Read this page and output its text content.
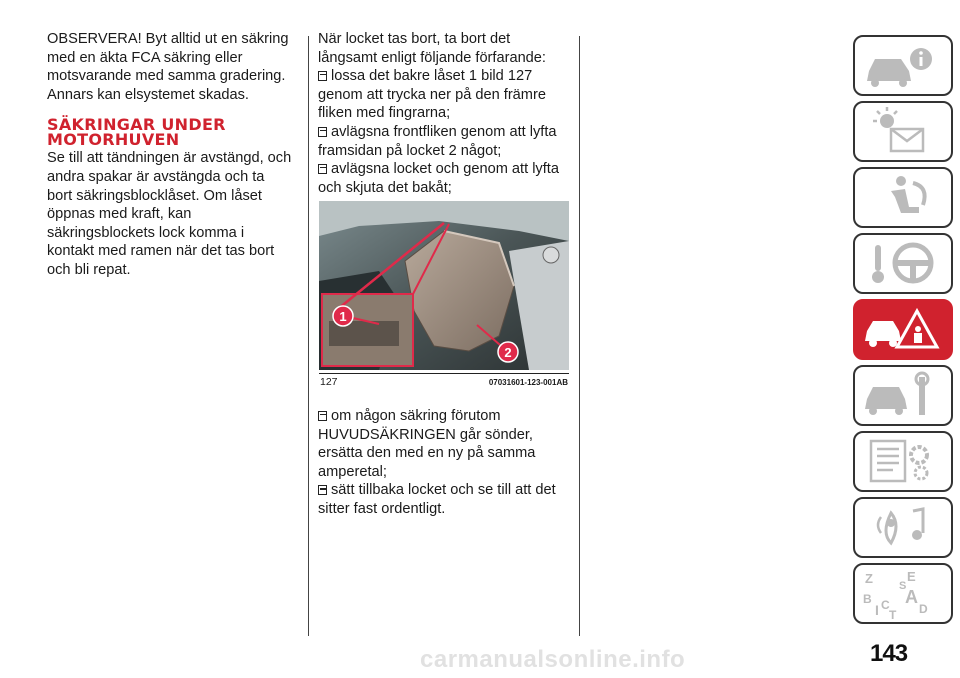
OBSERVERA! Byt alltid ut en säkring med en äkta FCA säkring eller motsvarande med samma gradering. Annars kan elsystemet skadas.

SÄKRINGAR UNDER MOTORHUVEN

Se till att tändningen är avstängd, och andra spakar är avstängda och ta bort säkringsblocklåset. Om låset öppnas med kraft, kan säkringsblockets lock komma i kontakt med ramen när det tas bort och bli repat.

När locket tas bort, ta bort det långsamt enligt följande förfarande:

lossa det bakre låset 1 bild 127 genom att trycka ner på den främre fliken med fingrarna;

avlägsna frontfliken genom att lyfta framsidan på locket 2 något;

avlägsna locket och genom att lyfta och skjuta det bakåt;

1
2
127	07031601-123-001AB

om någon säkring förutom HUVUDSÄKRINGEN går sönder, ersätta den med en ny på samma amperetal;

sätt tillbaka locket och se till att det sitter fast ordentligt.

Z	E
S
B A
C D
T
I
carmanualsonline.info	143
